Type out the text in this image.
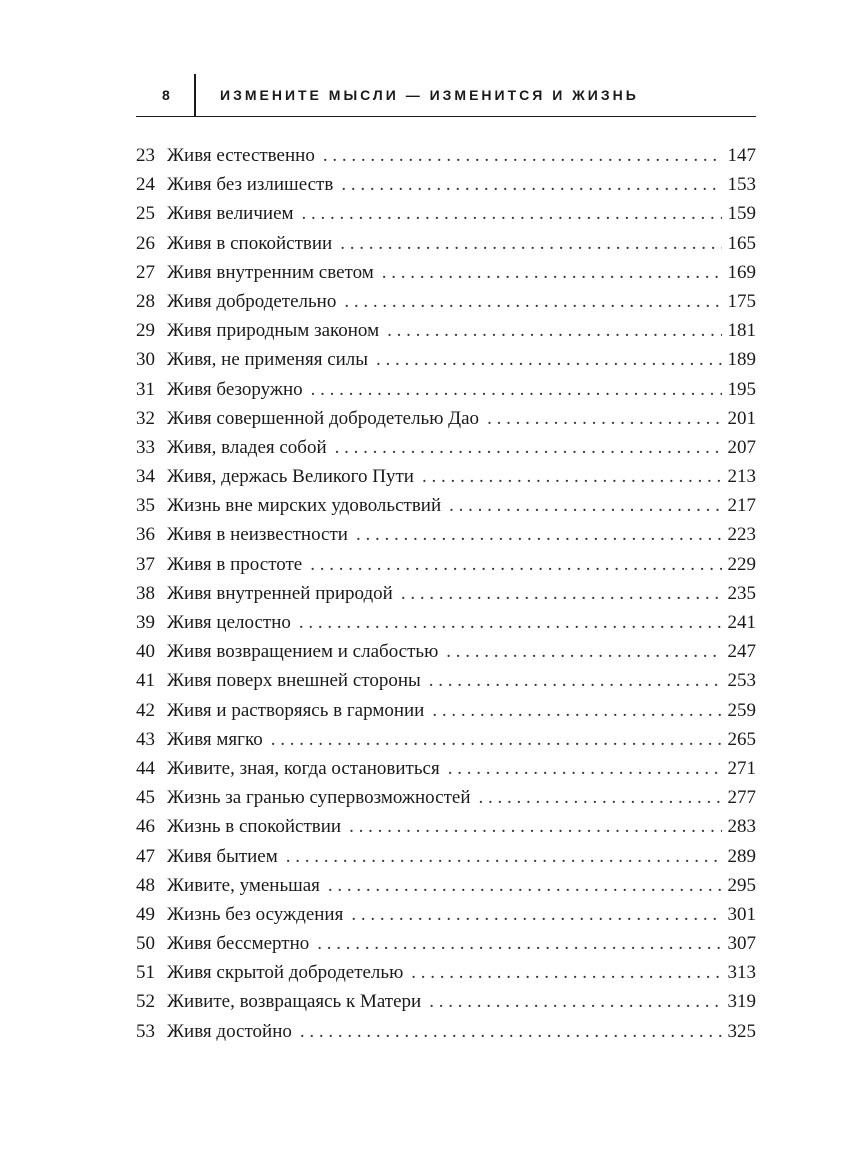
8	ИЗМЕНИТЕ МЫСЛИ — ИЗМЕНИТСЯ И ЖИЗНЬ
23 Живя естественно . . .	147
24 Живя без излишеств . . .	153
25 Живя величием . . .	159
26 Живя в спокойствии . . .	165
27 Живя внутренним светом . . .	169
28 Живя добродетельно . . .	175
29 Живя природным законом . . .	181
30 Живя, не применяя силы . . .	189
31 Живя безоружно . . .	195
32 Живя совершенной добродетелью Дао . . .	201
33 Живя, владея собой . . .	207
34 Живя, держась Великого Пути . . .	213
35 Жизнь вне мирских удовольствий . . .	217
36 Живя в неизвестности . . .	223
37 Живя в простоте . . .	229
38 Живя внутренней природой . . .	235
39 Живя целостно . . .	241
40 Живя возвращением и слабостью . . .	247
41 Живя поверх внешней стороны . . .	253
42 Живя и растворяясь в гармонии . . .	259
43 Живя мягко . . .	265
44 Живите, зная, когда остановиться . . .	271
45 Жизнь за гранью супервозможностей . . .	277
46 Жизнь в спокойствии . . .	283
47 Живя бытием . . .	289
48 Живите, уменьшая . . .	295
49 Жизнь без осуждения . . .	301
50 Живя бессмертно . . .	307
51 Живя скрытой добродетелью . . .	313
52 Живите, возвращаясь к Матери . . .	319
53 Живя достойно . . .	325
